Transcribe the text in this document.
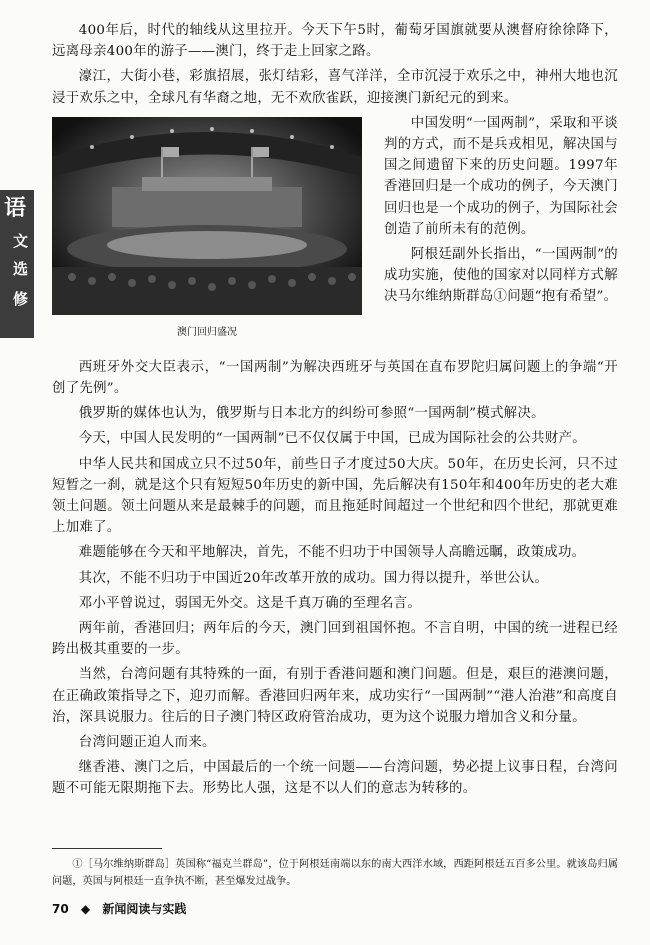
语
文
选
修

400年后，时代的轴线从这里拉开。今天下午5时，葡萄牙国旗就要从澳督府徐徐降下，远离母亲400年的游子——澳门，终于走上回家之路。

濠江，大街小巷，彩旗招展，张灯结彩，喜气洋洋，全市沉浸于欢乐之中，神州大地也沉浸于欢乐之中，全球凡有华裔之地，无不欢欣雀跃，迎接澳门新纪元的到来。

澳门回归盛况

中国发明“一国两制”，采取和平谈判的方式，而不是兵戎相见，解决国与国之间遗留下来的历史问题。1997年香港回归是一个成功的例子，今天澳门回归也是一个成功的例子，为国际社会创造了前所未有的范例。

阿根廷副外长指出，“一国两制”的成功实施，使他的国家对以同样方式解决马尔维纳斯群岛①问题“抱有希望”。

西班牙外交大臣表示，“一国两制”为解决西班牙与英国在直布罗陀归属问题上的争端“开创了先例”。

俄罗斯的媒体也认为，俄罗斯与日本北方的纠纷可参照“一国两制”模式解决。

今天，中国人民发明的“一国两制”已不仅仅属于中国，已成为国际社会的公共财产。

中华人民共和国成立只不过50年，前些日子才度过50大庆。50年，在历史长河，只不过短暂之一刹，就是这个只有短短50年历史的新中国，先后解决有150年和400年历史的老大难领土问题。领土问题从来是最棘手的问题，而且拖延时间超过一个世纪和四个世纪，那就更难上加难了。

难题能够在今天和平地解决，首先，不能不归功于中国领导人高瞻远瞩，政策成功。

其次，不能不归功于中国近20年改革开放的成功。国力得以提升，举世公认。

邓小平曾说过，弱国无外交。这是千真万确的至理名言。

两年前，香港回归；两年后的今天，澳门回到祖国怀抱。不言自明，中国的统一进程已经跨出极其重要的一步。

当然，台湾问题有其特殊的一面，有别于香港问题和澳门问题。但是，艰巨的港澳问题，在正确政策指导之下，迎刃而解。香港回归两年来，成功实行“一国两制”“港人治港”和高度自治，深具说服力。往后的日子澳门特区政府管治成功，更为这个说服力增加含义和分量。

台湾问题正迫人而来。

继香港、澳门之后，中国最后的一个统一问题——台湾问题，势必提上议事日程，台湾问题不可能无限期拖下去。形势比人强，这是不以人们的意志为转移的。

①［马尔维纳斯群岛］英国称“福克兰群岛”，位于阿根廷南端以东的南大西洋水域，西距阿根廷五百多公里。就该岛归属问题，英国与阿根廷一直争执不断，甚至爆发过战争。
70 ◆ 新闻阅读与实践
